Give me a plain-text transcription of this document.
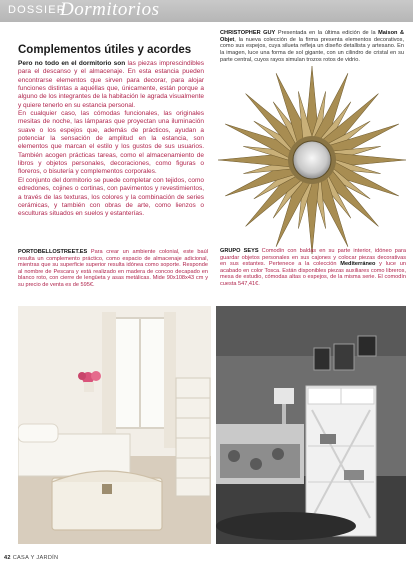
DOSSIER
Dormitorios
Complementos útiles y acordes

Pero no todo en el dormitorio son las piezas imprescindibles para el descanso y el almacenaje. En esta estancia pueden encontrarse elementos que sirven para decorar, para alojar funciones distintas a aquéllas que, únicamente, están porque a alguno de los integrantes de la habitación le agrada visualmente y quiere tenerlo en su estancia personal.

En cualquier caso, las cómodas funcionales, las originales mesitas de noche, las lámparas que proyectan una iluminación suave o los espejos que, además de prácticos, ayudan a potenciar la sensación de amplitud en la estancia, son elementos que marcan el estilo y los gustos de sus usuarios. También acogen prácticas tareas, como el almacenamiento de libros y objetos personales, decoraciones, como figuras o floreros, o bisutería y complementos corporales.

El conjunto del dormitorio se puede completar con tejidos, como edredones, cojines o cortinas, con pavimentos y revestimientos, a través de las texturas, los colores y la combinación de series cerámicas, y también con obras de arte, como lienzos o esculturas situados en suelos y estanterías.

CHRISTOPHER GUY Presentada en la última edición de la Maison & Objet, la nueva colección de la firma presenta elementos decorativos, como sus espejos, cuya silueta refleja un diseño detallista y artesano. En la imagen, luce una forma de sol gigante, con un cilindro de cristal en su parte central, cuyos rayos simulan trozos rotos de vidrio.
PORTOBELLOSTREET.ES Para crear un ambiente colonial, este baúl resulta un complemento práctico, como espacio de almacenaje adicional, mientras que su superficie superior resulta idónea como soporte. Responde al nombre de Pescara y está realizado en madera de concoo decapado en blanco roto, con cierre de lengüeta y asas metálicas. Mide 90x108x43 cm y su precio de venta es de 595€.
GRUPO SEYS Comodín con baldas en su parte interior, idóneo para guardar objetos personales en sus cajones y colocar piezas decorativas en sus estantes. Pertenece a la colección Mediterráneo y luce un acabado en color Tosca. Están disponibles piezas auxiliares como libreros, mesa de estudio, cómodas altas o espejos, de la misma serie. El comodín cuesta 547,41€.
42 CASA Y JARDÍN
